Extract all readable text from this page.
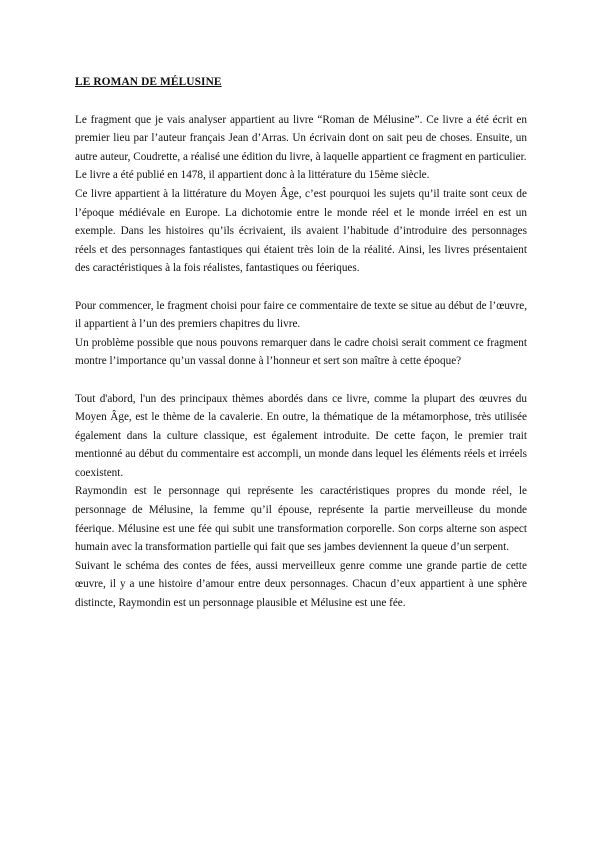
LE ROMAN DE MÉLUSINE

Le fragment que je vais analyser appartient au livre “Roman de Mélusine”. Ce livre a été écrit en premier lieu par l’auteur français Jean d’Arras. Un écrivain dont on sait peu de choses. Ensuite, un autre auteur, Coudrette, a réalisé une édition du livre, à laquelle appartient ce fragment en particulier.

Le livre a été publié en 1478, il appartient donc à la littérature du 15ème siècle.

Ce livre appartient à la littérature du Moyen Âge, c’est pourquoi les sujets qu’il traite sont ceux de l’époque médiévale en Europe. La dichotomie entre le monde réel et le monde irréel en est un exemple. Dans les histoires qu’ils écrivaient, ils avaient l’habitude d’introduire des personnages réels et des personnages fantastiques qui étaient très loin de la réalité. Ainsi, les livres présentaient des caractéristiques à la fois réalistes, fantastiques ou féeriques.

Pour commencer, le fragment choisi pour faire ce commentaire de texte se situe au début de l’œuvre, il appartient à l’un des premiers chapitres du livre.

Un problème possible que nous pouvons remarquer dans le cadre choisi serait comment ce fragment montre l’importance qu’un vassal donne à l’honneur et sert son maître à cette époque?

Tout d'abord, l'un des principaux thèmes abordés dans ce livre, comme la plupart des œuvres du Moyen Âge, est le thème de la cavalerie. En outre, la thématique de la métamorphose, très utilisée également dans la culture classique, est également introduite. De cette façon, le premier trait mentionné au début du commentaire est accompli, un monde dans lequel les éléments réels et irréels coexistent.

Raymondin est le personnage qui représente les caractéristiques propres du monde réel, le personnage de Mélusine, la femme qu’il épouse, représente la partie merveilleuse du monde féerique. Mélusine est une fée qui subit une transformation corporelle. Son corps alterne son aspect humain avec la transformation partielle qui fait que ses jambes deviennent la queue d’un serpent.

Suivant le schéma des contes de fées, aussi merveilleux genre comme une grande partie de cette œuvre, il y a une histoire d’amour entre deux personnages. Chacun d’eux appartient à une sphère distincte, Raymondin est un personnage plausible et Mélusine est une fée.
